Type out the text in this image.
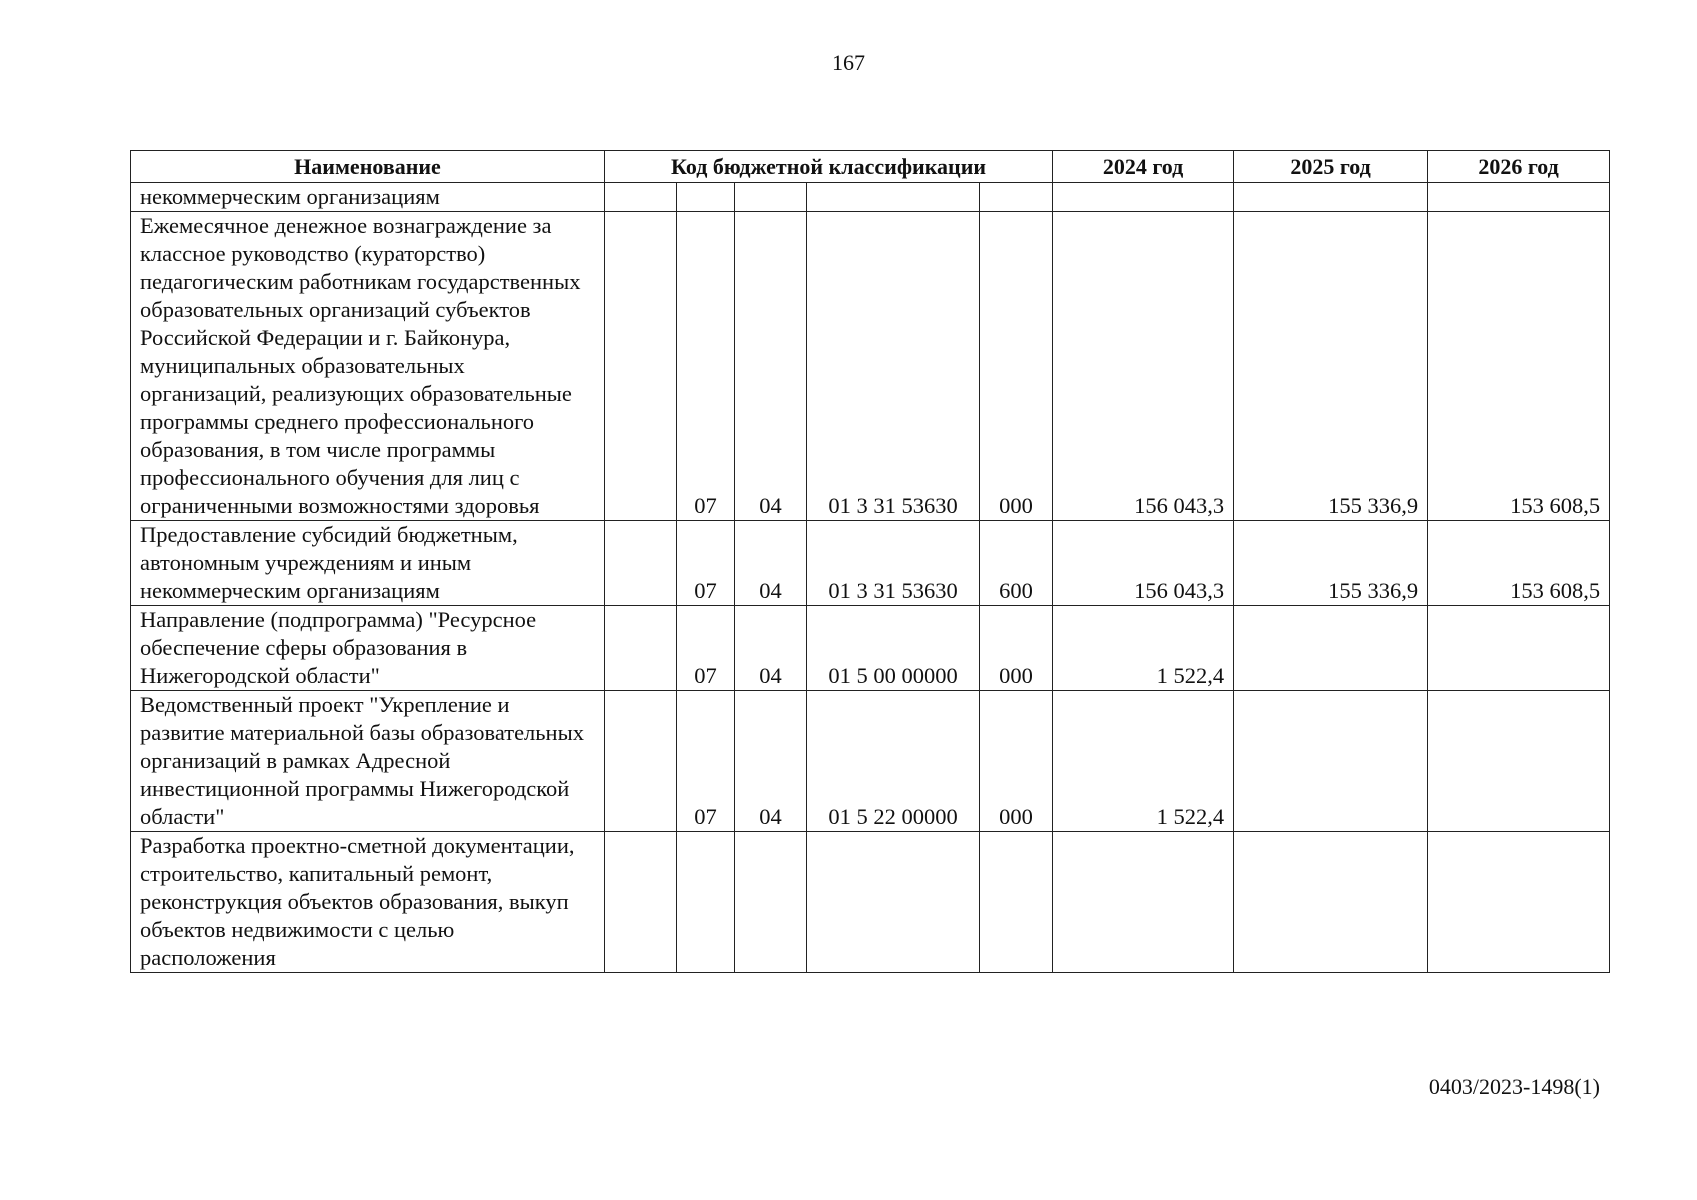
167
Наименование	Код бюджетной классификации					2024 год	2025 год	2026 год
некоммерческим организациям								
Ежемесячное денежное вознаграждение за классное руководство (кураторство) педагогическим работникам государственных образовательных организаций субъектов Российской Федерации и г. Байконура, муниципальных образовательных организаций, реализующих образовательные программы среднего профессионального образования, в том числе программы профессионального обучения для лиц с ограниченными возможностями здоровья		07	04	01 3 31 53630	000	156 043,3	155 336,9	153 608,5
Предоставление субсидий бюджетным, автономным учреждениям и иным некоммерческим организациям		07	04	01 3 31 53630	600	156 043,3	155 336,9	153 608,5
Направление (подпрограмма) "Ресурсное обеспечение сферы образования в Нижегородской области"		07	04	01 5 00 00000	000	1 522,4		
Ведомственный проект "Укрепление и развитие материальной базы образовательных организаций в рамках Адресной инвестиционной программы Нижегородской области"		07	04	01 5 22 00000	000	1 522,4		
Разработка проектно-сметной документации, строительство, капитальный ремонт, реконструкция объектов образования, выкуп объектов недвижимости с целью расположения								
0403/2023-1498(1)
